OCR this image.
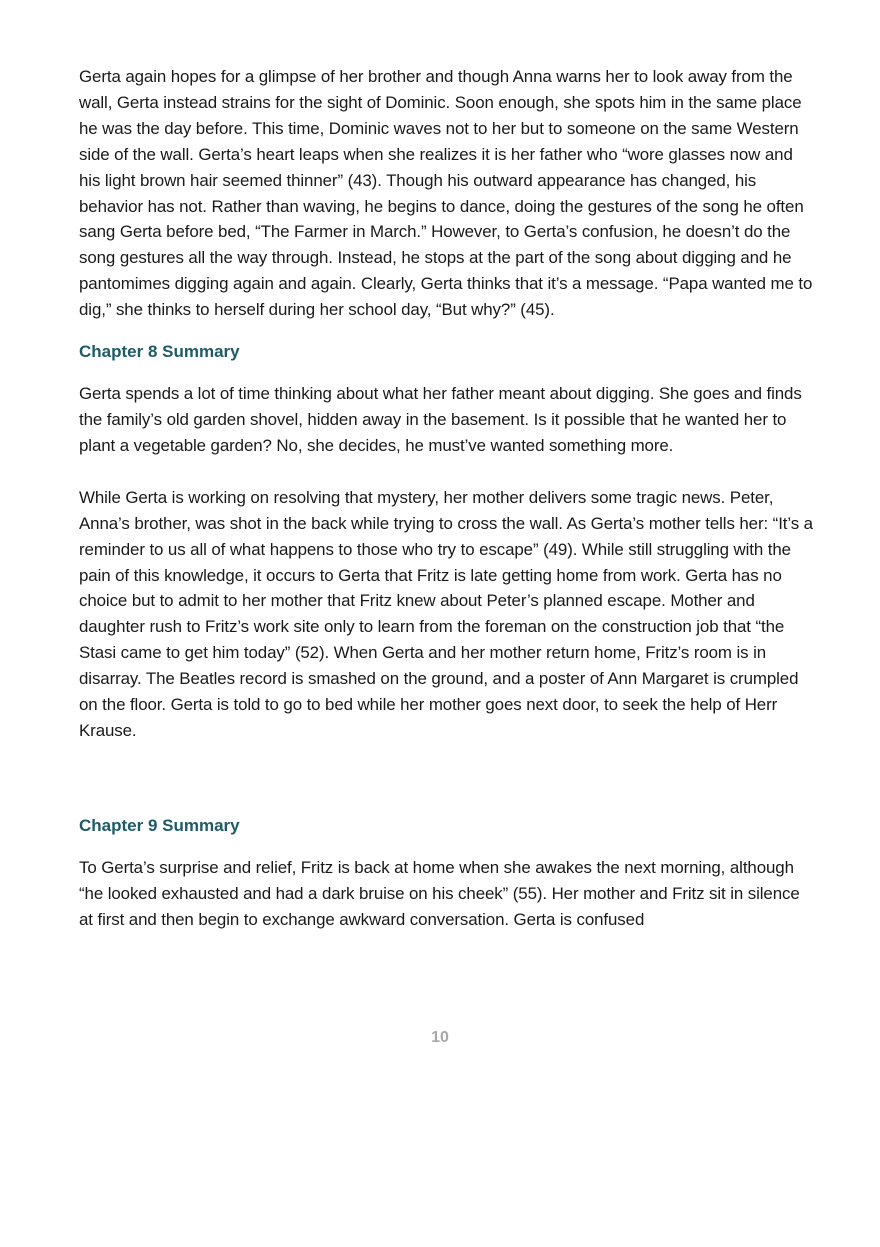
Gerta again hopes for a glimpse of her brother and though Anna warns her to look away from the wall, Gerta instead strains for the sight of Dominic. Soon enough, she spots him in the same place he was the day before. This time, Dominic waves not to her but to someone on the same Western side of the wall. Gerta’s heart leaps when she realizes it is her father who “wore glasses now and his light brown hair seemed thinner” (43). Though his outward appearance has changed, his behavior has not. Rather than waving, he begins to dance, doing the gestures of the song he often sang Gerta before bed, “The Farmer in March.” However, to Gerta’s confusion, he doesn’t do the song gestures all the way through. Instead, he stops at the part of the song about digging and he pantomimes digging again and again. Clearly, Gerta thinks that it’s a message. “Papa wanted me to dig,” she thinks to herself during her school day, “But why?” (45).

Chapter 8 Summary

Gerta spends a lot of time thinking about what her father meant about digging. She goes and finds the family’s old garden shovel, hidden away in the basement. Is it possible that he wanted her to plant a vegetable garden? No, she decides, he must’ve wanted something more.

While Gerta is working on resolving that mystery, her mother delivers some tragic news. Peter, Anna’s brother, was shot in the back while trying to cross the wall. As Gerta’s mother tells her: “It’s a reminder to us all of what happens to those who try to escape” (49). While still struggling with the pain of this knowledge, it occurs to Gerta that Fritz is late getting home from work. Gerta has no choice but to admit to her mother that Fritz knew about Peter’s planned escape. Mother and daughter rush to Fritz’s work site only to learn from the foreman on the construction job that “the Stasi came to get him today” (52). When Gerta and her mother return home, Fritz’s room is in disarray. The Beatles record is smashed on the ground, and a poster of Ann Margaret is crumpled on the floor. Gerta is told to go to bed while her mother goes next door, to seek the help of Herr Krause.

Chapter 9 Summary

To Gerta’s surprise and relief, Fritz is back at home when she awakes the next morning, although “he looked exhausted and had a dark bruise on his cheek” (55). Her mother and Fritz sit in silence at first and then begin to exchange awkward conversation. Gerta is confused

10
